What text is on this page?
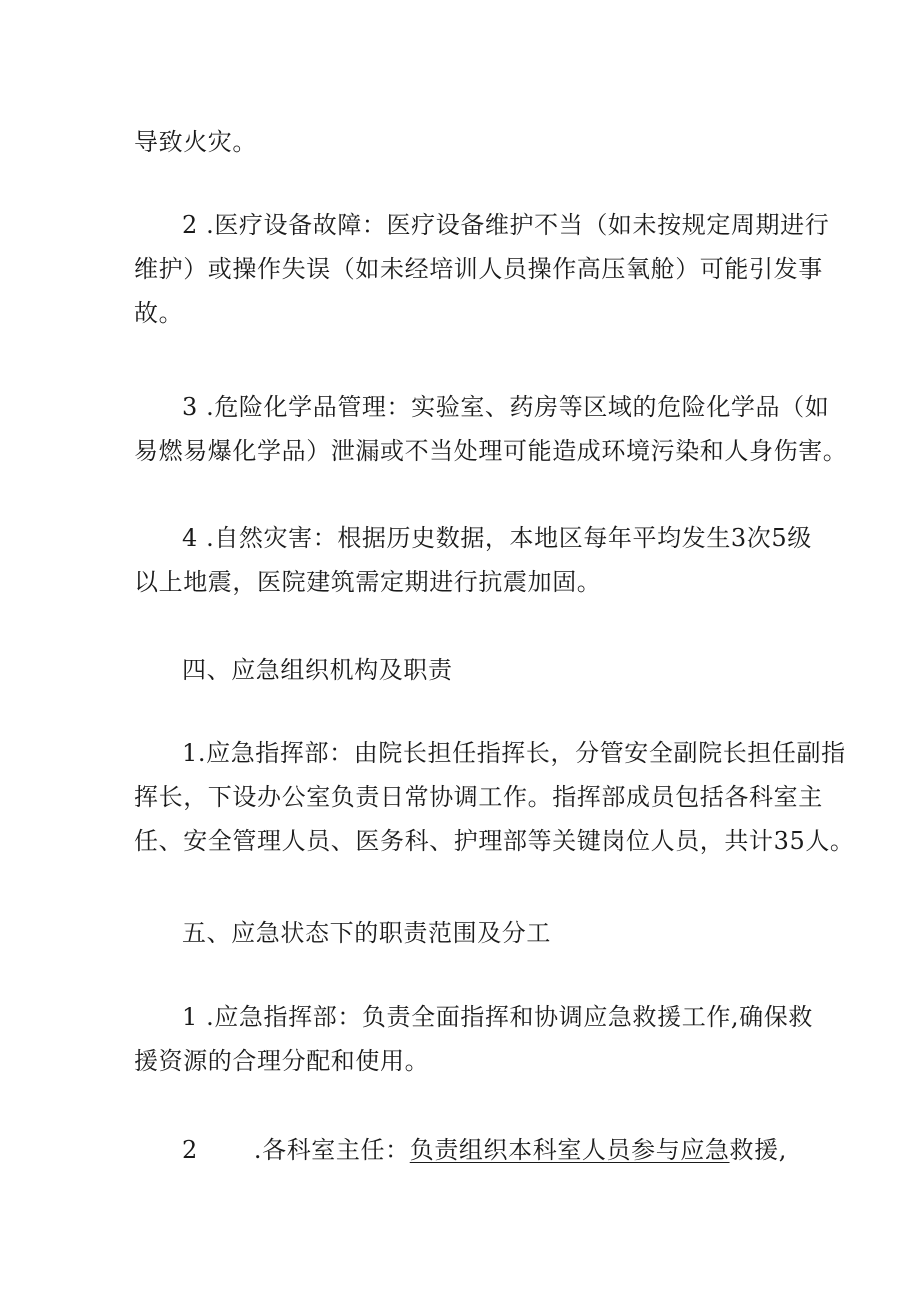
导致火灾。

2 .医疗设备故障：医疗设备维护不当（如未按规定周期进行
维护）或操作失误（如未经培训人员操作高压氧舱）可能引发事
故。

3 .危险化学品管理：实验室、药房等区域的危险化学品（如
易燃易爆化学品）泄漏或不当处理可能造成环境污染和人身伤害。

4 .自然灾害：根据历史数据，本地区每年平均发生3次5级
以上地震，医院建筑需定期进行抗震加固。

四、应急组织机构及职责

1.应急指挥部：由院长担任指挥长，分管安全副院长担任副指
挥长，下设办公室负责日常协调工作。指挥部成员包括各科室主
任、安全管理人员、医务科、护理部等关键岗位人员，共计35人。

五、应急状态下的职责范围及分工

1 .应急指挥部：负责全面指挥和协调应急救援工作,确保救
援资源的合理分配和使用。

2 .各科室主任：负责组织本科室人员参与应急救援,
